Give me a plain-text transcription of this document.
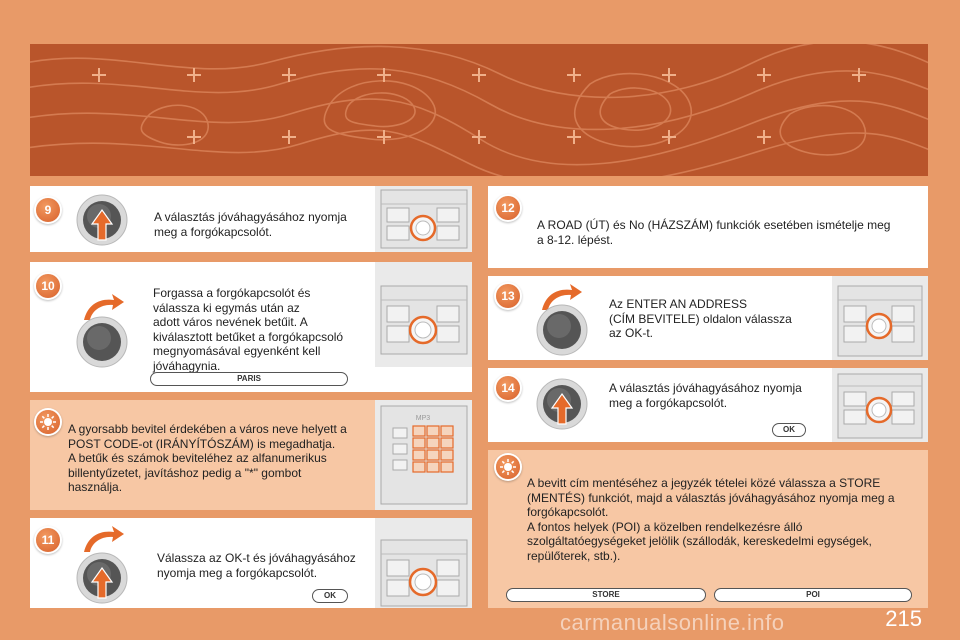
9	A választás jóváhagyásához nyomja
meg a forgókapcsolót.
10	Forgassa a forgókapcsolót és
válassza ki egymás után az
adott város nevének betűit. A
kiválasztott betűket a forgókapcsoló
megnyomásával egyenként kell
jóváhagynia.
PARIS
A gyorsabb bevitel érdekében a város neve helyett a
POST CODE-ot (IRÁNYÍTÓSZÁM) is megadhatja.
A betűk és számok beviteléhez az alfanumerikus
billentyűzetet, javításhoz pedig a "*" gombot
használja.
MP3
11
Válassza az OK-t és jóváhagyásához
nyomja meg a forgókapcsolót.
OK
12
A ROAD (ÚT) és No (HÁZSZÁM) funkciók esetében ismételje meg
a 8-12. lépést.
13
Az ENTER AN ADDRESS
(CÍM BEVITELE) oldalon válassza
az OK-t.
14	A választás jóváhagyásához nyomja
meg a forgókapcsolót.
OK
A bevitt cím mentéséhez a jegyzék tételei közé válassza a STORE
(MENTÉS) funkciót, majd a választás jóváhagyásához nyomja meg a
forgókapcsolót.
A fontos helyek (POI) a közelben rendelkezésre álló
szolgáltatóegységeket jelölik (szállodák, kereskedelmi egységek,
repülőterek, stb.).
STORE	POI
carmanualsonline.info	215
